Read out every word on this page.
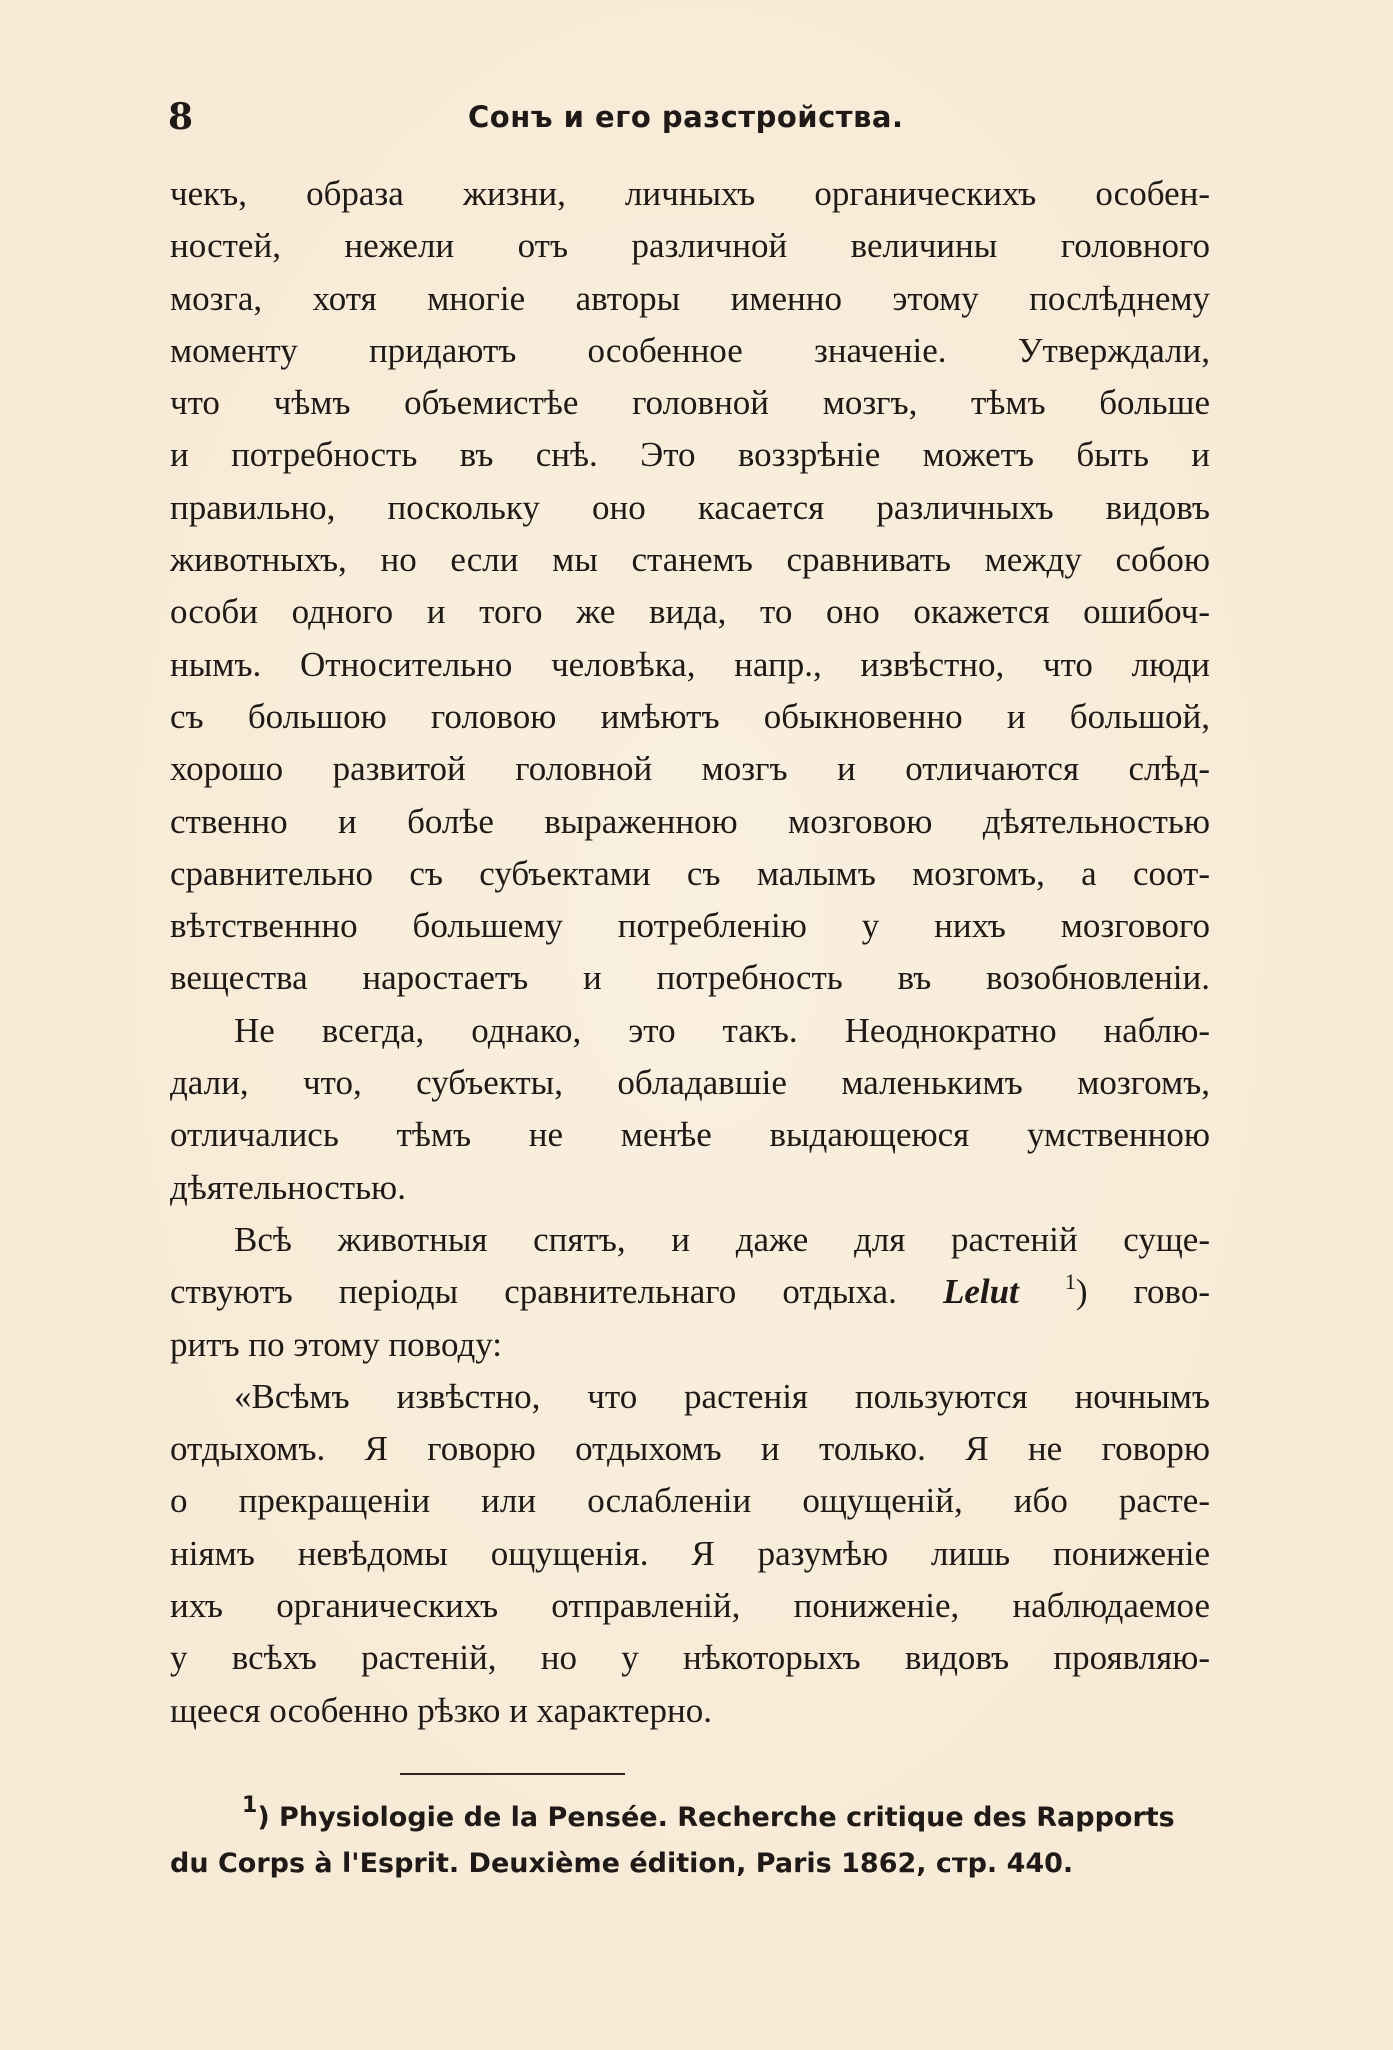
8	Сонъ и его разстройства.
чекъ, образа жизни, личныхъ органическихъ особен-
ностей, нежели отъ различной величины головного
мозга, хотя многіе авторы именно этому послѣднему
моменту придаютъ особенное значеніе. Утверждали,
что чѣмъ объемистѣе головной мозгъ, тѣмъ больше
и потребность въ снѣ. Это воззрѣніе можетъ быть и
правильно, поскольку оно касается различныхъ видовъ
животныхъ, но если мы станемъ сравнивать между собою
особи одного и того же вида, то оно окажется ошибоч-
нымъ. Относительно человѣка, напр., извѣстно, что люди
съ большою головою имѣютъ обыкновенно и большой,
хорошо развитой головной мозгъ и отличаются слѣд-
ственно и болѣе выраженною мозговою дѣятельностью
сравнительно съ субъектами съ малымъ мозгомъ, а соот-
вѣтственнно большему потребленію у нихъ мозгового
вещества наростаетъ и потребность въ возобновленіи.
Не всегда, однако, это такъ. Неоднократно наблю-
дали, что, субъекты, обладавшіе маленькимъ мозгомъ,
отличались тѣмъ не менѣе выдающеюся умственною
дѣятельностью.
Всѣ животныя спятъ, и даже для растеній суще-
ствуютъ періоды сравнительнаго отдыха. Lelut $^1$) гово-
ритъ по этому поводу:
«Всѣмъ извѣстно, что растенія пользуются ночнымъ
отдыхомъ. Я говорю отдыхомъ и только. Я не говорю
о прекращеніи или ослабленіи ощущеній, ибо расте-
ніямъ невѣдомы ощущенія. Я разумѣю лишь пониженіе
ихъ органическихъ отправленій, пониженіе, наблюдаемое
у всѣхъ растеній, но у нѣкоторыхъ видовъ проявляю-
щееся особенно рѣзко и характерно.
$^1$) Physiologie de la Pensée. Recherche critique des Rapports
du Corps à l'Esprit. Deuxième édition, Paris 1862, стр. 440.
